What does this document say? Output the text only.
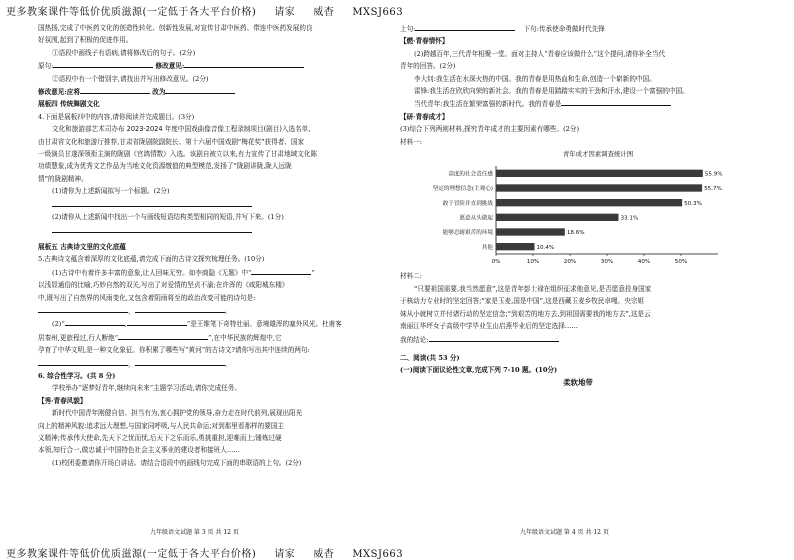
更多教案课件等低价优质滋源(一定低于各大平台价格) 请家 威杳 MXSJ663
国热扬,完成了中医药文化的创造性转化、创新性发展,对宣传甘肃中医药、带连中医药发展的良
好氛围,起到了积极的促进作用。
①语段中画线子有语病,请将修改后的句子。(2分)
原句:	修改意见:
②语段中有一个错别字,请找出并写出修改意见。(2分)
修改意见:应将	改为
展板四 传统舞剧文化
4.下面是展板四中的内容,请你阅读并完成题目。(3分)
文化和旅游部艺术司办布 2023-2024 年度中国戏曲像音像工程录制项目(剧目)入选名单,
由甘肃省文化和旅游厅推荐,甘肃省陇剧院副院长、第十六届中国戏剧“梅花奖”获得者、国家
一级演员甘遂深领衔主演的陇剧《官鸽情数》入选。该剧自被立以来,有力宣传了甘肃地域文化陈
功绩慧象,成为优秀文艺作品为当地文化资源缴值的典型模范,发扬了“陇剧讲陇,陇人远陇
情”的陇剧精神。
(1)请你为上述新闻拟写一个标题。(2分)
(2)请你从上述新闻中找出一个与画线短语结构类型相同的短语,并写下来。(1分)
展板五 古典诗文里的文化底蕴
5.古典诗文蕴含着深厚的文化底蕴,请完成下面的古诗文探究梳理任务。(10分)
(1)古诗中有着许多丰富的意象,让人回味无穷。如李商隐《无题》中“	”
以浅显通俗的比喻,巧妙自然的双关,写出了对爱情的坚贞不渝;在许浑的《咸阳城东楼》
中,既写出了自然界的风雨变化,又包含着阴雨将至的政治改变可能的诗句是:
，	。
(2)“	,	”是王维笔下奇特壮丽、意境雄浑的塞外风光。杜甫客
居秦州,更旅程过,行人断绝“	”,在中华民族的辉煌中,它
孕育了中华文明,是一种文化象征。你积累了哪些写“黄河”的古诗文?请你写出其中连续的两句:
，	。
6. 综合性学习。(共 8 分)
学校举办“逐梦好青年,继续向未来”主题学习活动,请你完成任务。
【秀·青春风貌】
新时代中国青年刚健自信、担当有为,衷心拥护党的领导,奋力走在时代前列,展现出阳光
向上的精神风貌:追求远大理想,与国家同呼吸,与人民共命运;对到那里看那样的要国主
义精神;传承伟大使命,先天下之忧而忧,后天下之乐而乐,勇挑重担,迎难而上;锤炼过硬
本领,知行合一,做忠诚于中国特色社会主义事业的建设者和接班人……
(1)校团委邀请你开场白讲话。请结合语段中的画线句完成下面的串联语的上句。(2分)
九年级语文试题 第 3 页 共 12 页
上句:	下句:传承使命勇做时代先锋
【燃·青春情怀】
(2)跨越百年,三代青年相聚一堂。面对主持人“青春应该做什么”这个提问,请你补全当代
青年的回答。(2分)
李大钊:我生活在水深火热的中国。我的青春是用热血和生命,创造一个崭新的中国。
雷锋:我生活在欣欣向荣的新社会。我的青春是用踏踏实实的干劲和汗水,建设一个富强的中国。
当代青年:我生活在繁荣富强的新时代。我的青春是
【研·青春成才】
(3)综合下列两则材料,探究青年成才的主要因素有哪些。(2分)
材料一:
青年成才因素调查统计图
高度的社会责任感	55.9%
坚定的理想信念(主观心)	55.7%
敢于冒险并直到挑战	50.3%
愿意从头做起	33.1%
能够忍耐艰苦的环境	18.6%
其他	10.4%
0%	10%	20%	30%	40%	50%
材料二:
“只要祖国需要,我当然愿意”,这是青年彭士禄在组织征求他意见,是否愿意投身国家
于核动力专业时的坚定回答;“家是玉麦,国是中国”,这是西藏玉麦乡牧民卓嘎、央宗姐
妹从小就树立并付诸行动的坚定信念;“到艰苦的地方去,到祖国需要我的地方去”,这是云
南丽江华坪女子高级中学毕业生山启燕毕业后的坚定选择……
我的结论:
二、阅读(共 53 分)
(一)阅读下面议论性文章,完成下列 7-10 题。(10分)
柔软地带
九年级语文试题 第 4 页 共 12 页
更多教案课件等低价优质滋源(一定低于各大平台价格) 请家 威杳 MXSJ663
